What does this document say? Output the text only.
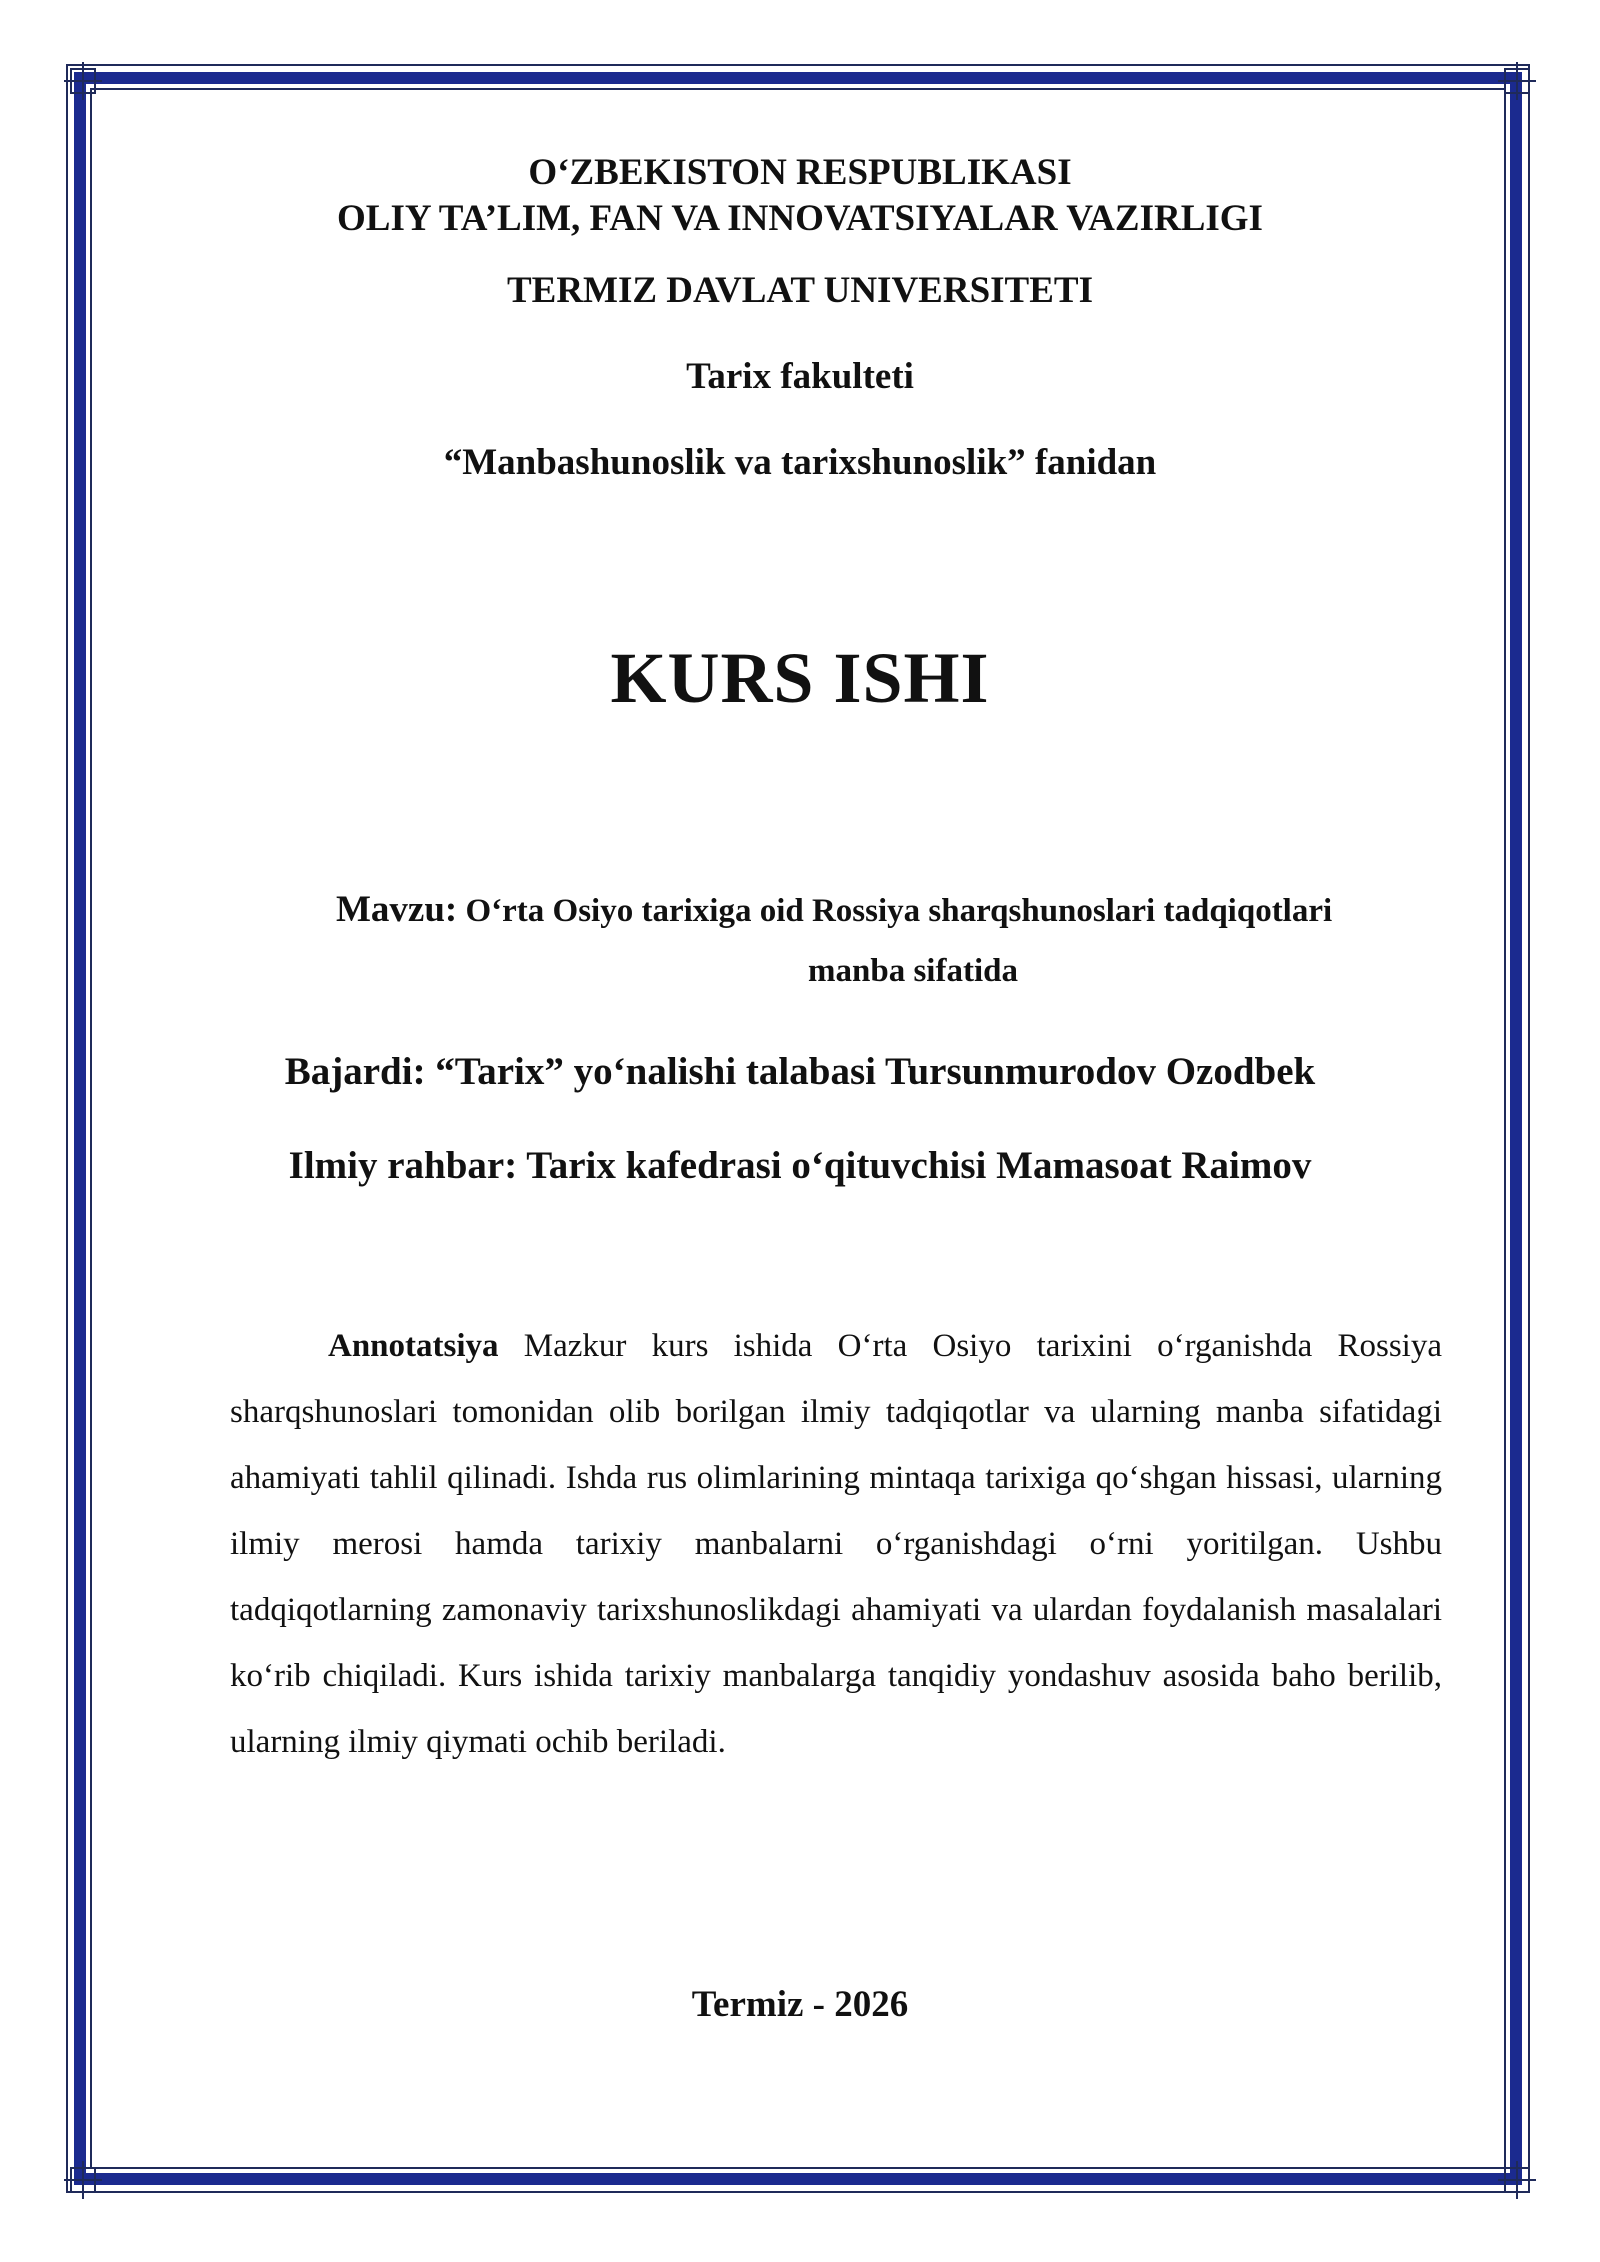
O‘ZBEKISTON RESPUBLIKASI

OLIY TA’LIM, FAN VA INNOVATSIYALAR VAZIRLIGI

TERMIZ DAVLAT UNIVERSITETI
Tarix fakulteti
“Manbashunoslik va tarixshunoslik” fanidan
KURS ISHI
Mavzu: O‘rta Osiyo tarixiga oid Rossiya sharqshunoslari tadqiqotlari
manba sifatida
Bajardi: “Tarix” yo‘nalishi talabasi Tursunmurodov Ozodbek
Ilmiy rahbar: Tarix kafedrasi o‘qituvchisi Mamasoat Raimov

Annotatsiya Mazkur kurs ishida O‘rta Osiyo tarixini o‘rganishda Rossiya sharqshunoslari tomonidan olib borilgan ilmiy tadqiqotlar va ularning manba sifatidagi ahamiyati tahlil qilinadi. Ishda rus olimlarining mintaqa tarixiga qo‘shgan hissasi, ularning ilmiy merosi hamda tarixiy manbalarni o‘rganishdagi o‘rni yoritilgan. Ushbu tadqiqotlarning zamonaviy tarixshunoslikdagi ahamiyati va ulardan foydalanish masalalari ko‘rib chiqiladi. Kurs ishida tarixiy manbalarga tanqidiy yondashuv asosida baho berilib, ularning ilmiy qiymati ochib beriladi.

Termiz - 2026
